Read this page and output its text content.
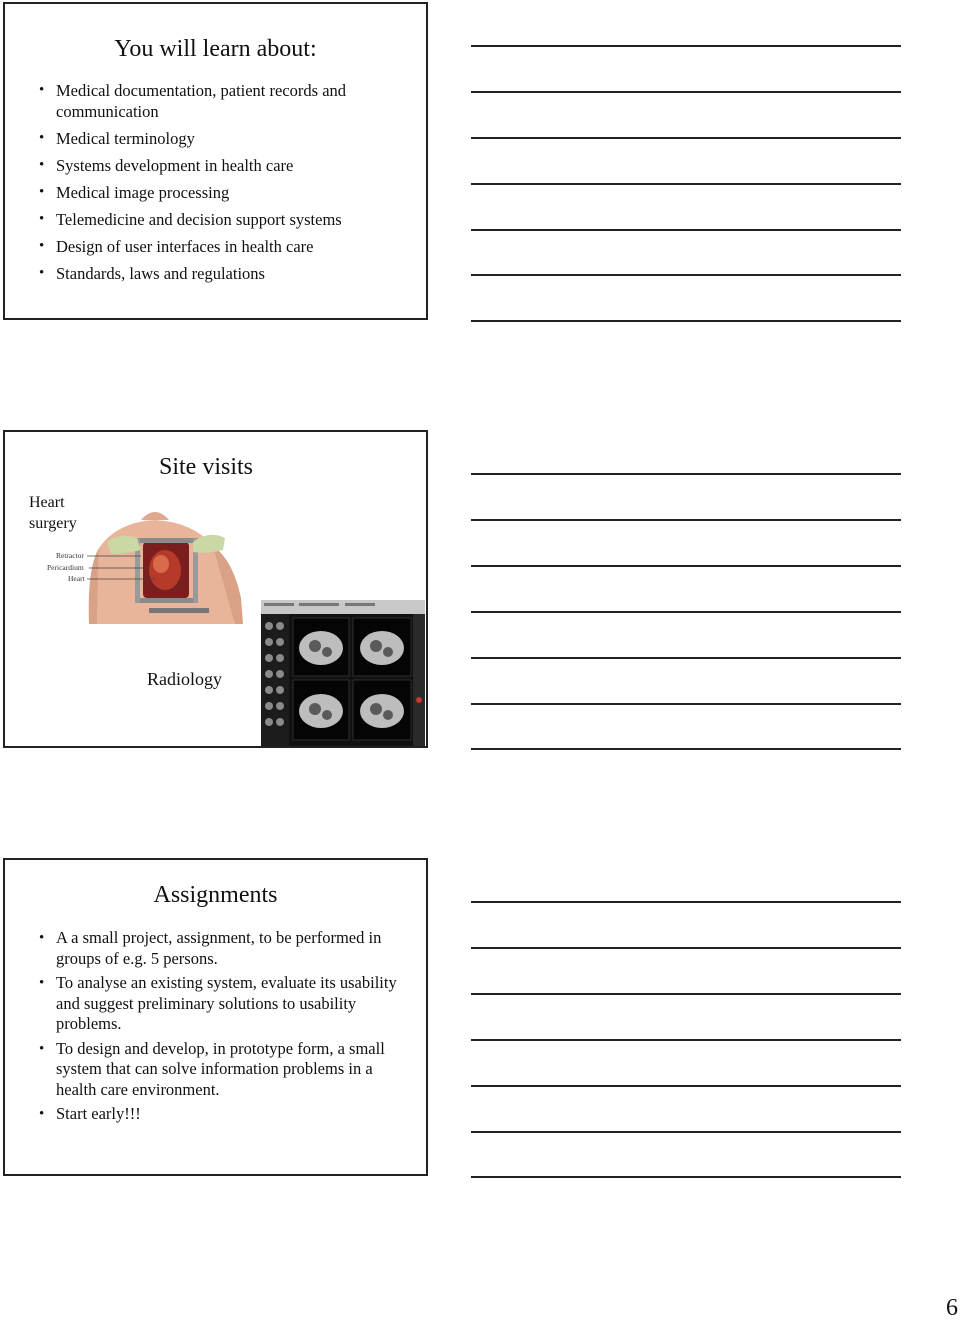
You will learn about:
• Medical documentation, patient records and communication
• Medical terminology
• Systems development in health care
• Medical image processing
• Telemedicine and decision support systems
• Design of user interfaces in health care
• Standards, laws and regulations
Site visits
Heart surgery
Retractor
Pericardium
Heart
Radiology
Assignments
• A a small project, assignment, to be performed in groups of e.g. 5 persons.
• To analyse an existing system, evaluate its usability and suggest preliminary solutions to usability problems.
• To design and develop, in prototype form, a small system that can solve information problems in a health care environment.
• Start early!!!
6
